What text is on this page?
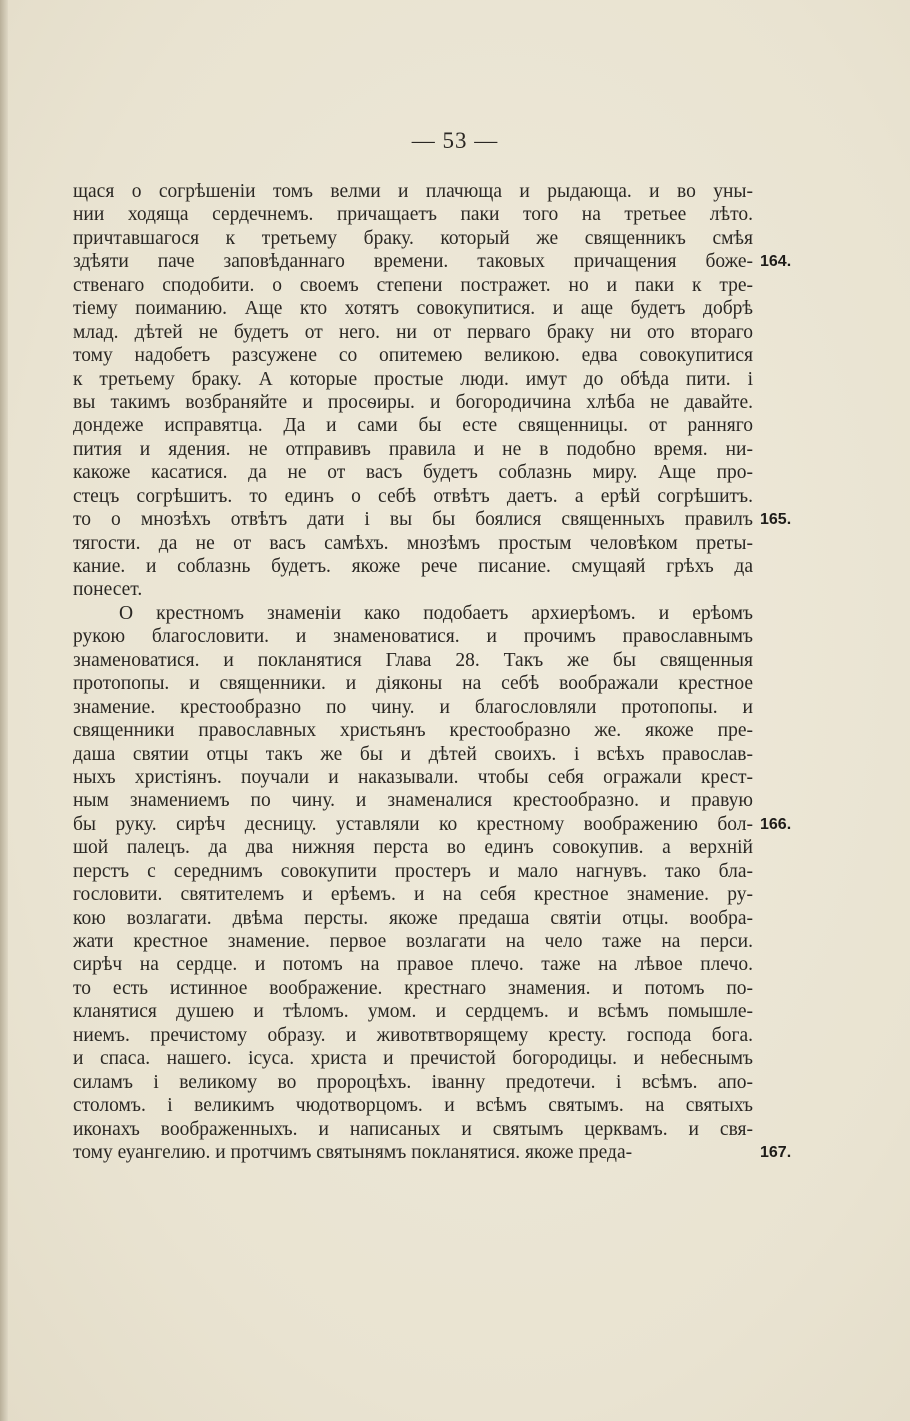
— 53 —
щася о согрѣшенiи томъ велми и плачюща и рыдающа. и во уны-
нии ходяща сердечнемъ. причащаетъ паки того на третьее лѣто.
причтавшагося к третьему браку. который же священникъ смѣя
здѣяти паче заповѣданнаго времени. таковых причащения боже-
ственаго сподобити. о своемъ степени постражет. но и паки к тре-
тiему поиманию. Аще кто хотятъ совокупитися. и аще будетъ добрѣ
млад. дѣтей не будетъ от него. ни от перваго браку ни ото втораго
тому надобетъ разсужене со опитемею великою. едва совокупитися
к третьему браку. А которые простые люди. имут до обѣда пити. i
вы такимъ возбраняйте и просѳиры. и богородичина хлѣба не давайте.
дондеже исправятца. Да и сами бы есте священницы. от ранняго
пития и ядения. не отправивъ правила и не в подобно время. ни-
какоже касатися. да не от васъ будетъ соблазнь миру. Аще про-
стецъ согрѣшитъ. то единъ о себѣ отвѣтъ даетъ. а ерѣй согрѣшитъ.
то о мнозѣхъ отвѣтъ дати i вы бы боялися священныхъ правилъ
тягости. да не от васъ самѣхъ. мнозѣмъ простым человѣком преты-
кание. и соблазнь будетъ. якоже рече писание. смущаяй грѣхъ да
понесет.
О крестномъ знаменiи како подобаетъ архиерѣомъ. и ерѣомъ
рукою благословити. и знаменоватися. и прочимъ православнымъ
знаменоватися. и покланятися Глава 28. Такъ же бы священныя
протопопы. и священники. и дiяконы на себѣ воображали крестное
знамение. крестообразно по чину. и благословляли протопопы. и
священники православных христьянъ крестообразно же. якоже пре-
даша святии отцы такъ же бы и дѣтей своихъ. i всѣхъ православ-
ныхъ христiянъ. поучали и наказывали. чтобы себя огражали крест-
ным знамениемъ по чину. и знаменалися крестообразно. и правую
бы руку. сирѣч десницу. уставляли ко крестному воображению бол-
шой палецъ. да два нижняя перста во единъ совокупив. а верхнiй
перстъ с середнимъ совокупити простеръ и мало нагнувъ. тако бла-
гословити. святителемъ и ерѣемъ. и на себя крестное знамение. ру-
кою возлагати. двѣма персты. якоже предаша святiи отцы. вообра-
жати крестное знамение. первое возлагати на чело таже на перси.
сирѣч на сердце. и потомъ на правое плечо. таже на лѣвое плечо.
то есть истинное воображение. крестнаго знамения. и потомъ по-
кланятися душею и тѣломъ. умом. и сердцемъ. и всѣмъ помышле-
ниемъ. пречистому образу. и животвтворящему кресту. господа бога.
и спаса. нашего. iсуса. христа и пречистой богородицы. и небеснымъ
силамъ i великому во пророцѣхъ. iванну предотечи. i всѣмъ. апо-
столомъ. i великимъ чюдотворцомъ. и всѣмъ святымъ. на святыхъ
иконахъ воображенныхъ. и написаных и святымъ церквамъ. и свя-
тому еуангелию. и протчимъ святынямъ покланятися. якоже преда-
164.
165.
166.
167.
